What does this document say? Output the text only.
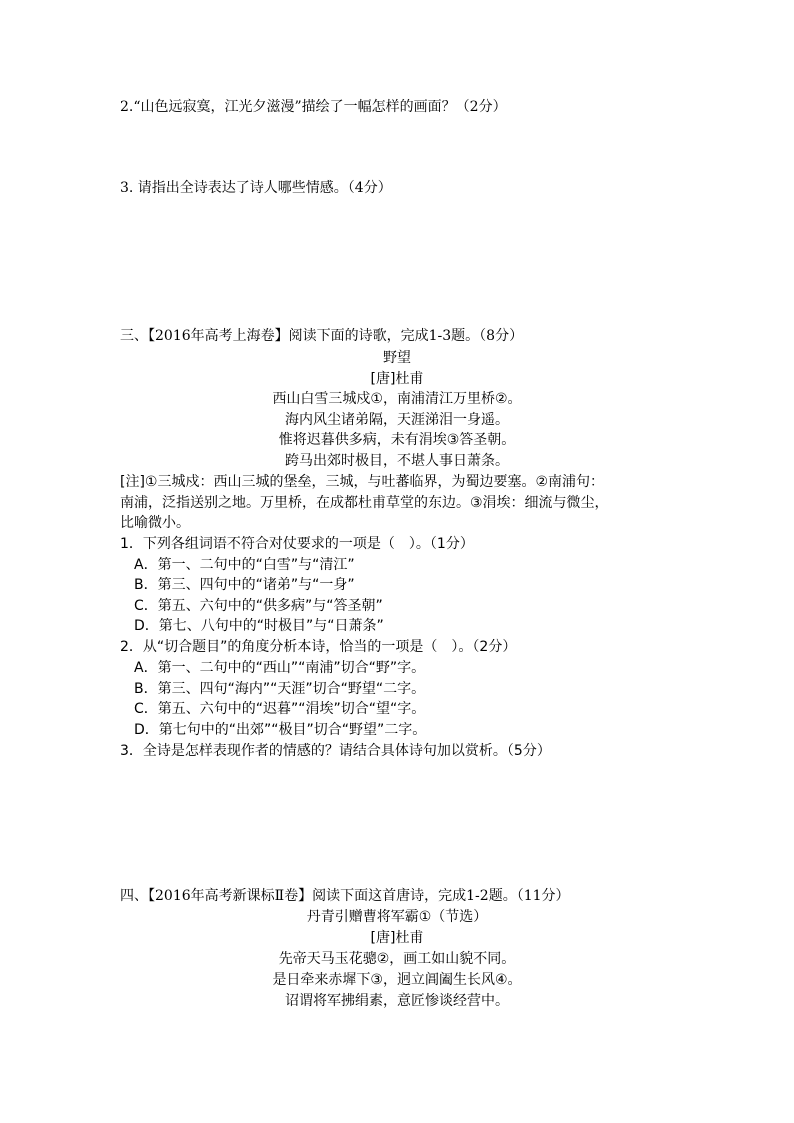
2.“山色远寂寞，江光夕滋漫”描绘了一幅怎样的画面？（2分）
3. 请指出全诗表达了诗人哪些情感。（4分）
三、【2016年高考上海卷】阅读下面的诗歌，完成1-3题。（8分）
野望
[唐]杜甫
西山白雪三城戍①，南浦清江万里桥②。
海内风尘诸弟隔，天涯涕泪一身遥。
惟将迟暮供多病，未有涓埃③答圣朝。
跨马出郊时极目，不堪人事日萧条。
[注]①三城戍：西山三城的堡垒，三城，与吐蕃临界，为蜀边要塞。②南浦句：
南浦，泛指送别之地。万里桥，在成都杜甫草堂的东边。③涓埃：细流与微尘，
比喻微小。
1．下列各组词语不符合对仗要求的一项是（　）。（1分）
A．第一、二句中的“白雪”与“清江”
B．第三、四句中的“诸弟”与“一身”
C．第五、六句中的“供多病”与“答圣朝”
D．第七、八句中的“时极目”与“日萧条”
2．从“切合题目”的角度分析本诗，恰当的一项是（　）。（2分）
A．第一、二句中的“西山”“南浦”切合“野”字。
B．第三、四句“海内”“天涯”切合“野望“二字。
C．第五、六句中的“迟暮”“涓埃”切合“望“字。
D．第七句中的“出郊”“极目”切合“野望”二字。
3．全诗是怎样表现作者的情感的？请结合具体诗句加以赏析。（5分）
四、【2016年高考新课标Ⅱ卷】阅读下面这首唐诗，完成1-2题。（11分）
丹青引赠曹将军霸①（节选）
[唐]杜甫
先帝天马玉花骢②，画工如山貌不同。
是日牵来赤墀下③，迥立阊阖生长风④。
诏谓将军拂绢素，意匠惨谈经营中。
